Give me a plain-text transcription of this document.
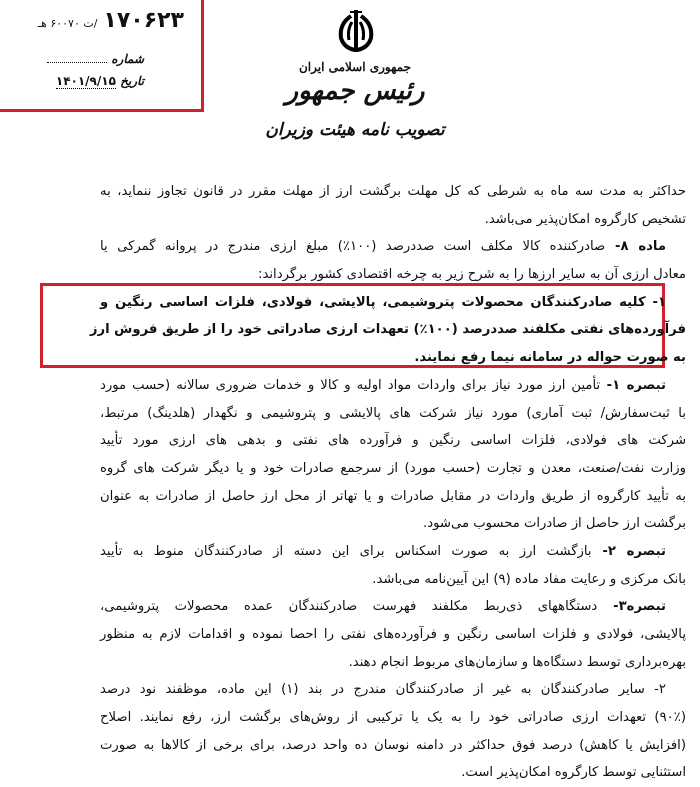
۱۷۰۶۲۳
/ت ۶۰۰۷۰ هـ
شماره
تاریخ ۱۴۰۱/۹/۱۵
جمهوری اسلامی ایران
رئیس جمهور
تصویب نامه هیئت وزیران
حداکثر به مدت سه ماه به شرطی که کل مهلت برگشت ارز از مهلت مقرر در قانون تجاوز ننماید، به
تشخیص کارگروه امکان‌پذیر می‌باشد.
ماده ۸- صادرکننده کالا مکلف است صددرصد (۱۰۰٪) مبلغ ارزی مندرج در پروانه گمرکی یا
معادل ارزی آن به سایر ارزها را به شرح زیر به چرخه اقتصادی کشور برگرداند:
۱- کلیه صادرکنندگان محصولات پتروشیمی، پالایشی، فولادی، فلزات اساسی رنگین و
فرآورده‌های نفتی مکلفند صددرصد (۱۰۰٪) تعهدات ارزی صادراتی خود را از طریق فروش ارز
به صورت حواله در سامانه نیما رفع نمایند.
تبصره ۱- تأمین ارز مورد نیاز برای واردات مواد اولیه و کالا و خدمات ضروری سالانه (حسب مورد
با ثبت‌سفارش/ ثبت آماری) مورد نیاز شرکت های پالایشی و پتروشیمی و نگهدار (هلدینگ) مرتبط،
شرکت های فولادی، فلزات اساسی رنگین و فرآورده های نفتی و بدهی های ارزی مورد تأیید
وزارت نفت/صنعت، معدن و تجارت (حسب مورد) از سرجمع صادرات خود و یا دیگر شرکت های گروه
به تأیید کارگروه از طریق واردات در مقابل صادرات و یا تهاتر از محل ارز حاصل از صادرات به عنوان
برگشت ارز حاصل از صادرات محسوب می‌شود.
تبصره ۲- بازگشت ارز به صورت اسکناس برای این دسته از صادرکنندگان منوط به تأیید
بانک مرکزی و رعایت مفاد ماده (۹) این آیین‌نامه می‌باشد.
تبصره۳- دستگاههای ذی‌ربط مکلفند فهرست صادرکنندگان عمده محصولات پتروشیمی،
پالایشی، فولادی و فلزات اساسی رنگین و فرآورده‌های نفتی را احصا نموده و اقدامات لازم به منظور
بهره‌برداری توسط دستگاه‌ها و سازمان‌های مربوط انجام دهند.
۲- سایر صادرکنندگان به غیر از صادرکنندگان مندرج در بند (۱) این ماده، موظفند نود درصد
(۹۰٪) تعهدات ارزی صادراتی خود را به یک یا ترکیبی از روش‌های برگشت ارز، رفع نمایند. اصلاح
(افزایش یا کاهش) درصد فوق حداکثر در دامنه نوسان ده واحد درصد، برای برخی از کالاها به صورت
استثنایی توسط کارگروه امکان‌پذیر است.
